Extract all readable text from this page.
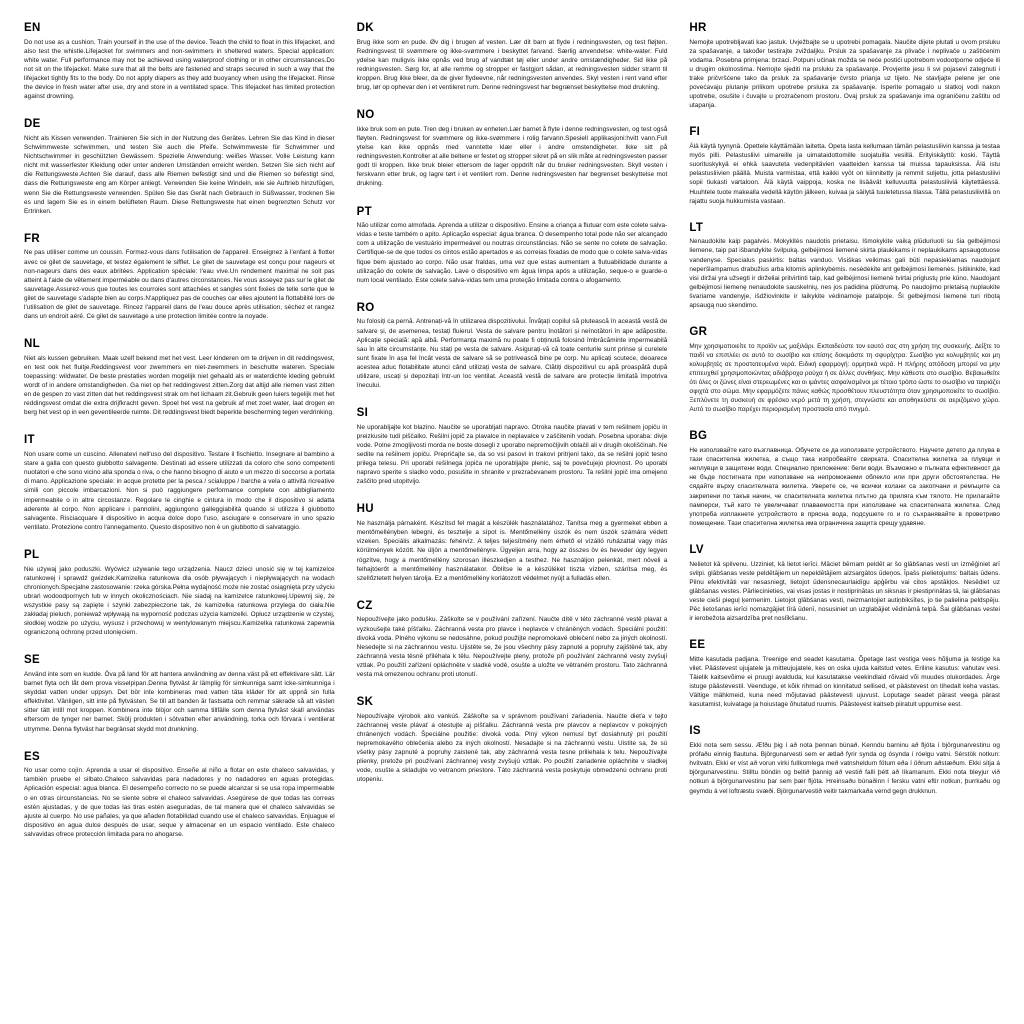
EN

Do not use as a cushion. Train yourself in the use of the device. Teach the child to float in this lifejacket, and also test the whistle.Lifejacket for swimmers and non-swimmers in sheltered waters. Special application: white water. Full performance may not be achieved using waterproof clothing or in other circumstances.Do not sit on the lifejacket. Make sure that all the belts are fastened and straps secured in such a way that the lifejacket tightly fits to the body. Do not apply diapers as they add buoyancy when using the lifejacket. Rinse the device in fresh water after use, dry and store in a ventilated space. This lifejacket has limited protection against drowning.

DE

Nicht als Kissen verwenden. Trainieren Sie sich in der Nutzung des Gerätes. Lehren Sie das Kind in dieser Schwimmweste schwimmen, und testen Sie auch die Pfeife. Schwimmweste für Schwimmer und Nichtschwimmer in geschützten Gewässern. Spezielle Anwendung: weißes Wasser. Volle Leistung kann nicht mit wasserfester Kleidung oder unter anderen Umständen erreicht werden. Setzen Sie sich nicht auf die Rettungsweste.Achten Sie darauf, dass alle Riemen befestigt sind und die Riemen so befestigt sind, dass die Rettungsweste eng am Körper anliegt. Verwenden Sie keine Windeln, wie sie Auftrieb hinzufügen, wenn Sie die Rettungsweste verwenden. Spülen Sie das Gerät nach Gebrauch in Süßwasser, trocknen Sie es und lagern Sie es in einem belüfteten Raum. Diese Rettungsweste hat einen begrenzten Schutz vor Ertrinken.

FR

Ne pas utiliser comme un coussin. Formez-vous dans l'utilisation de l'appareil. Enseignez à l'enfant à flotter avec ce gilet de sauvetage, et testez également le sifflet. Le gilet de sauvetage est conçu pour nageurs et non-nageurs dans des eaux abritées. Application spéciale: l'eau vive.Un rendement maximal ne soit pas atteint à l'aide de vêtement imperméable ou dans d'autres circonstances. Ne vous asseyez pas sur le gilet de sauvetage.Assurez-vous que toutes les courroies sont attachées et sangles sont fixées de telle sorte que le gilet de sauvetage s'adapte bien au corps.N'appliquez pas de couches car elles ajoutent la flottabilité lors de l'utilisation de gilet de sauvetage. Rincez l'appareil dans de l'eau douce après utilisation, séchez et rangez dans un endroit aéré. Ce gilet de sauvetage a une protection limitée contre la noyade.

NL

Niet als kussen gebruiken. Maak uzelf bekend met het vest. Leer kinderen om te drijven in dit reddingsvest, en test ook het fluitje.Reddingsvest voor zwemmers en niet-zwemmers in beschutte wateren. Speciale toepassing: wildwater. De beste prestaties worden mogelijk niet gehaald als er waterdichte kleding gebruikt wordt of in andere omstandigheden. Ga niet op het reddingsvest zitten.Zorg dat altijd alle riemen vast zitten en de gespen zo vast zitten dat het reddingsvest strak om het lichaam zit.Gebruik geen luiers tegelijk met het reddingsvest omdat die extra drijfkracht geven. Spoel het vest na gebruik af met zoet water, laat drogen en berg het vest op in een geventileerde ruimte. Dit reddingsvest biedt beperkte bescherming tegen verdrinking.

IT

Non usare come un cuscino. Allenatevi nell'uso del dispositivo. Testare il fischietto. Insegnare al bambino a stare a galla con questo giubbotto salvagente. Destinati ad essere utilizzati da coloro che sono competenti nuotatori e che sono vicino alla sponda o riva, o che hanno bisogno di aiuto e un mezzo di soccorso a portata di mano. Applicazione speciale: in acque protette per la pesca / scialuppe / barche a vela o attività ricreative simili con piccole imbarcazioni. Non si può raggiungere performance complete con abbigliamento impermeabile o in altre circostanze. Regolare le cinghie e cintura in modo che il dispositivo si adatta aderente al corpo. Non applicare i pannolini, aggiungono galleggiabilità quando si utilizza il giubbotto salvagente. Risciacquare il dispositivo in acqua dolce dopo l'uso, asciugare e conservare in uno spazio ventilato. Protezione contro l'annegamento. Questo dispositivo non è un giubbotto di salvataggio.

PL

Nie używaj jako poduszki. Wyćwicz używanie tego urządzenia. Naucz dzieci unosić się w tej kamizelce ratunkowej i sprawdź gwizdek.Kamizelka ratunkowa dla osób pływających i niepływających na wodach chronionych.Specjalne zastosowanie: rzeka górska.Pełna wydajność może nie zostać osiągnięta przy użyciu ubrań wodoodpornych lub w innych okolicznościach. Nie siadaj na kamizelce ratunkowej.Upewnij się, że wszystkie pasy są zapięte i szynki zabezpieczone tak, że kamizelka ratunkowa przylega do ciała.Nie zakładaj pieluch, ponieważ wpływają na wyporność podczas użycia kamizelki. Opłucz urządzenie w czystej, słodkiej wodzie po użyciu, wysusz i przechowuj w wentylowanym miejscu.Kamizelka ratunkowa zapewnia ograniczoną ochronę przed utonięciem.

SE

Använd inte som en kudde. Öva på land för att hantera användning av denna väst på ett effektivare sätt. Lär barnet flyta och låt dem prova visselpipan.Denna flytväst är lämplig för simkunniga samt icke-simkunniga i skyddat vatten under uppsyn. Det bör inte kombineras med vatten täta kläder för att uppnå sin fulla effektivitet. Vänligen, sitt inte på flytvästen. Se till att banden är fastsatta och remmar säkrade så att västen sitter tätt intill mot kroppen. Kombinera inte blöjor och samma tillfälle som denna flytväst skall användas eftersom de tynger ner barnet. Skölj produkten i sötvatten efter användning, torka och förvara i ventilerat utrymme. Denna flytväst har begränsat skydd mot drunkning.

ES

No usar como cojín. Aprenda a usar el dispositivo. Enseñe al niño a flotar en este chaleco salvavidas, y también pruebe el silbato.Chaleco salvavidas para nadadores y no nadadores en aguas protegidas. Aplicación especial: agua blanca. El desempeño correcto no se puede alcanzar si se usa ropa impermeable o en otras circunstancias. No se siente sobre el chaleco salvavidas. Asegúrese de que todas las correas estén ajustadas, y de que todas las tiras estén aseguradas, de tal manera que el chaleco salvavidas se ajuste al cuerpo. No use pañales, ya que añaden flotabilidad cuando use el chaleco salvavidas. Enjuague el dispositivo en agua dulce después de usar, seque y almacenar en un espacio ventilado. Este chaleco salvavidas ofrece protección limitada para no ahogarse.

DK

Brug ikke som en pude. Øv dig i brugen af vesten. Lær dit barn at flyde i redningsvesten, og test fløjten. Redningsvest til svømmere og ikke-svømmere i beskyttet farvand. Særlig anvendelse: white-water. Fuld ydelse kan muligvis ikke opnås ved brug af vandtæt tøj eller under andre omstændigheder. Sid ikke på redningsvesten. Sørg for, at alle remme og stropper er fastgjort sådan, at redningsvesten sidder stramt til kroppen. Brug ikke bleer, da de giver flydeevne, når redningsvesten anvendes. Skyl vesten i rent vand efter brug, lør op ophevar den i et ventileret rum. Denne redningsvest har begrænset beskyttelse mod drukning.

NO

Ikke bruk som en pute. Tren deg i bruken av enheten.Lær barnet å flyte i denne redningsvesten, og test også fløyten. Redningsvest for svømmere og ikke-svømmere i rolig farvann.Spesiell applikasjoni:hvitt vann.Full ytelse kan ikke oppnås med vanntette klær eller i andre omstendigheter. Ikke sitt på redningsvesten.Kontroller at alle beltene er festet og stropper sikret på en slik måte at redningsvesten passer godt til kroppen. Ikke bruk bleier ettersom de lager oppdrift når du bruker redningsvesten. Skyll vesten i ferskvann etter bruk, og lagre tørt i et ventilert rom. Denne redningsvesten har begrenset beskyttelse mot drukning.

PT

Não utilizar como almofada. Aprenda a utilizar o dispositivo. Ensine a criança a flutuar com este colete salva-vidas e teste também o apito. Aplicação especial: água branca. O desempenho total pode não ser alcançado com a utilização de vestuário impermeável ou noutras circunstâncias. Não se sente no colete de salvação. Certifique-se de que todos os cintos estão apertados e as correias fixadas de modo que o colete salva-vidas fique bem ajustado ao corpo. Não usar fraldas, uma vez que estas aumentam a flutuabilidade durante a utilização do colete de salvação. Lave o dispositivo em água limpa após a utilização, seque-o e guarde-o num local ventilado. Este colete salva-vidas tem uma proteção limitada contra o afogamento.

RO

Nu folosiți ca pernă. Antrenați-vă în utilizarea dispozitivului. Învățați copilul să plutească în această vestă de salvare și, de asemenea, testați fluierul. Vesta de salvare pentru înotători și neînotători în ape adăpostite. Aplicație specială: apă albă. Performanța maximă nu poate fi obținută folosind îmbrăcăminte impermeabilă sau în alte circumstanțe. Nu stați pe vesta de salvare. Asigurați-vă că toate centurile sunt prinse și curelele sunt fixate în așa fel încât vesta de salvare să se potrivească bine pe corp. Nu aplicați scutece, deoarece acestea aduc flotabilitate atunci când utilizați vesta de salvare. Clătiți dispozitivul cu apă proaspătă după utilizare, uscați și depozitați într-un loc ventilat. Această vestă de salvare are protecție limitată împotriva înecului.

SI

Ne uporabljajte kot blazino. Naučite se uporabljati napravo. Otroka naučite plavati v tem rešilnem jopiču in preizkusite tudi piščalko. Rešilni jopič za plavalce in neplavalce v zaščitenih vodah. Posebna uporaba: divje vode. Polne zmogljivosti morda ne boste dosegli z uporabo nepremočljivih oblačil ali v drugih okoliščinah. Ne sedite na rešilnem jopiču. Prepričajte se, da so vsi pasovi in trakovi pritrjeni tako, da se rešilni jopič tesno prilega telesu. Pri uporabi rešilnega jopiča ne uporabljajte plenic, saj te povečujejo plovnost. Po uporabi napravo sperite s sladko vodo, posušite in shranite v prezračevanem prostoru. Ta rešilni jopič ima omejeno zaščito pred utopitvijo.

HU

Ne használja párnaként. Készítsd fel magát a készülék használatához. Tanítsa meg a gyermeket ebben a mentőmellényben lebegni, és tesztelje a sípot is. Mentőmellény úszók és nem úszók számára védett vizeken. Speciális alkalmazás: fehérvíz. A teljes teljesítmény nem érhető el vízálló ruházattal vagy más körülmények között. Ne üljön a mentőmellényre. Ügyeljen arra, hogy az összes öv és heveder úgy legyen rögzítve, hogy a mentőmellény szorosan illeszkedjen a testhez. Ne használjon pelenkát, mert növeli a felhajtóerőt a mentőmellény használatakor. Öblítse le a készüléket tiszta vízben, szárítsa meg, és szellőztetett helyen tárolja. Ez a mentőmellény korlátozott védelmet nyújt a fulladás ellen.

CZ

Nepoužívejte jako podušku. Záškolte se v používání zařízení. Naučte dítě v této záchranné vestě plavat a vyzkoušejte také píšťalku. Záchranná vesta pro plavce i neplavce v chráněných vodách. Speciální použití: divoká voda. Plného výkonu se nedosáhne, pokud použijte nepromokavé oblečení nebo za jiných okolností. Nesedejte si na záchrannou vestu. Ujistěte se, že jsou všechny pásy zapnuté a popruhy zajištěné tak, aby záchranná vesta těsně přiléhala k tělu. Nepoužívejte pleny, protože při používání záchranné vesty zvyšují vztlak. Po použití zařízení opláchněte v sladké vodě, osušte a uložte ve větraném prostoru. Tato záchranná vesta má omezenou ochranu proti utonutí.

SK

Nepoužívajte výrobok ako vankúš. Záškoľte sa v správnom používaní zariadenia. Naučte dieťa v tejto záchrannej veste plávať a otestujte aj píšťalku. Záchranná vesta pre plavcov a neplavcov v pokojných chránených vodách. Špeciálne použitie: divoká voda. Plný výkon nemusí byť dosiahnutý pri použití nepremokavého oblečenia alebo za iných okolností. Nesadajte si na záchrannú vestu. Uistite sa, že sú všetky pásy zapnuté a popruhy zaistené tak, aby záchranná vesta tesne priliehala k telu. Nepoužívajte plienky, pretože pri používaní záchrannej vesty zvyšujú vztlak. Po použití zariadenie opláchnite v sladkej vode, osušte a skladujte vo vetranom priestore. Táto záchranná vesta poskytuje obmedzenú ochranu proti utopeniu.

HR

Nemojte upotrebljavati kao jastuk. Uvježbajte se u upotrebi pomagala. Naučite dijete plutati u ovom prsluku za spašavanje, a također testirajte zviždaljku. Prsluk za spašavanje za plivače i neplivače u zaštićenim vodama. Posebna primjena: brzaci. Potpuni učinak možda se neće postići upotrebom vodootporne odjeće ili u drugim okolnostima. Nemojte sjediti na prsluku za spašavanje. Provjerite jesu li svi pojasevi zategnuti i trake pričvršćene tako da prsluk za spašavanje čvrsto prianja uz tijelo. Ne stavljajte pelene jer one povećavaju plutanje prilikom upotrebe prsluka za spašavanje. Isperite pomagalo u slatkoj vodi nakon upotrebe, osušite i čuvajte u prozračenom prostoru. Ovaj prsluk za spašavanje ima ograničenu zaštitu od utapanja.

FI

Älä käytä tyynynä. Opettele käyttämään laitetta. Opeta lasta kellumaan tämän pelastusliivin kanssa ja testaa myös pilli. Pelastusliivi uimareille ja uimataidottomille suojatuilla vesillä. Erityiskäyttö: koski. Täyttä suorituskykyä ei ehkä saavuteta vedenpitävien vaatteiden kanssa tai muissa tapauksissa. Älä istu pelastusliivien päällä. Muista varmistaa, että kaikki vyöt on kiinnitetty ja remmit suljettu, jotta pelastusliivi sopii tiukasti vartaloon. Älä käytä vaippoja, koska ne lisäävät kelluvuutta pelastusliiviä käytettäessä. Huuhtele tuote makealla vedellä käytön jälkeen, kuivaa ja säilytä tuuletetussa tilassa. Tällä pelastusliivillä on rajattu suoja hukkumista vastaan.

LT

Nenaudokite kaip pagalvės. Mokykitės naudotis prietaisu. Išmokykite vaiką plūduriuoti su šia gelbėjimosi liemene, taip pat išbandykite švilpuką. gelbėjimosi liemenė skirta plaukikams ir neplaukikams apsaugotuose vandenyse. Specialus paskirtis: baltas vanduo. Visiškas veikimas gali būti nepasiekiamas naudojant neperšlampamus drabužius arba kitomis aplinkybėmis. nesėdėkite ant gelbėjimosi liemenės. Įsitikinkite, kad visi diržai yra užsegti ir dirželiai pritvirtinti taip, kad gelbėjimosi liemenė tvirtai priglustų prie kūno. Naudojant gelbėjimosi liemenę nenaudokite sauskelnių, nes jos padidina plūdrumą. Po naudojimo prietaisą nuplaukite švariame vandenyje, išdžiovinkite ir laikykite vėdinamoje patalpoje. Ši gelbėjimosi liemenė turi ribotą apsaugą nuo skendimo.

GR

Μην χρησιμοποιείτε το προϊόν ως μαξιλάρι. Εκπαιδεύστε τον εαυτό σας στη χρήση της συσκευής. Δείξτε το παιδί να επιπλέει σε αυτό το σωσίβιο και επίσης δοκιμάστε τη σφυρίχτρα. Σωσίβιο για κολυμβητές και μη κολυμβητές σε προστατευμένα νερά. Ειδική εφαρμογή: ορμητικά νερά. Η πλήρης απόδοση μπορεί να μην επιτευχθεί χρησιμοποιώντας αδιάβροχα ρούχα ή σε άλλες συνθήκες. Μην κάθεστε στο σωσίβιο. Βεβαιωθείτε ότι όλες οι ζώνες είναι στερεωμένες και οι ιμάντες ασφαλισμένοι με τέτοιο τρόπο ώστε το σωσίβιο να ταιριάζει σφιχτά στο σώμα. Μην εφαρμόζετε πάνες καθώς προσθέτουν πλευστότητα όταν χρησιμοποιείτε το σωσίβιο. Ξεπλύνετε τη συσκευή σε φρέσκο νερό μετά τη χρήση, στεγνώστε και αποθηκεύστε σε αεριζόμενο χώρο. Αυτό το σωσίβιο παρέχει περιορισμένη προστασία από πνιγμό.

BG

Не използвайте като възглавница. Обучете се да използвате устройството. Научете детето да плува в тази спасителна жилетка, а също така изпробвайте свирката. Спасителна жилетка за плувци и неплувци в защитени води. Специално приложение: бели води. Възможно е пълната ефективност да не бъде постигната при използване на непромокаеми облекло или при други обстоятелства. Не сядайте върху спасителната жилетка. Уверете се, че всички колани са закопчани и ремъците са закрепени по такъв начин, че спасителната жилетка плътно да приляга към тялото. Не прилагайте памперси, тъй като те увеличават плаваемостта при използване на спасителната жилетка. След употреба изплакнете устройството в прясна вода, подсушете го и го съхранявайте в проветриво помещение. Тази спасителна жилетка има ограничена защита срещу удавяне.

LV

Nelietot kā spilvenu. Uzziniet, kā lietot ierīci. Māciet bērnam peldēt ar šo glābšanas vesti un izmēģiniet arī svilpi. glābšanas veste peldētājiem un nepeldētājiem aizsargātos ūdeņos. Īpašs pielietojums: baltais ūdens. Pilnu efektivitāti var nesasniegt, lietojot ūdensnecaurlaidīgu apģērbu vai citos apstākļos. Nesēdiet uz glābšanas vestes. Pārliecinieties, vai visas jostas ir nostiprinātas un siksnas ir piestiprinātas tā, lai glābšanas veste cieši pieguļ ķermenim. Lietojot glābšanas vesti, neizmantojiet autiņbiksītes, jo tie palielina peldspēju. Pēc lietošanas ierīci nomazgājiet tīrā ūdenī, nosusiniet un uzglabājiet vēdināmā telpā. Šai glābšanas vestei ir ierobežota aizsardzība pret noslīkšanu.

EE

Mitte kasutada padjana. Treenige end seadet kasutama. Õpetage last vestiga vees hõljuma ja testige ka vilet. Päästevest ujujatele ja mitteujujatele, kes on oska ujuda kaitstud vetes. Eriline kasutus: vahutav vesi. Täielik kaitsevõime ei pruugi avalduda, kui kasutatakse veekindlaid rõivaid või muudes olukordades. Ärge istuge päästevestil. Veenduge, et kõik rihmad on kinnitatud sellised, et päästevest on tihedalt keha vastas. Vältige mähkmeid, kuna need mõjutavad päästevesti ujuvust. Loputage seadet pärast veega pärast kasutamist, kuivatage ja hoiustage õhutatud ruumis. Päästevest kaitseb piiratult uppumise eest.

IS

Ekki nota sem sessu. Æfðu þig í að nota þennan búnað. Kenndu barninu að fljóta í björgunarvestinu og prófaðu einnig flautuna. Björgunarvesti sem er ætlað fyrir synda og ósynda í róelgu vatni. Sérstök notkun: hvítvatn. Ekki er víst að vorun virki fullkomlega með vatnsheldum fötum eða í öðrum aðstæðum. Ekki sitja á björgunarvestinu. Stilltu böndin og beltið þannig að vestið falli þétt að líkamanum. Ekki nota bleyjur við notkun á björgunarvestinu þar sem þær fljóta. Hreinsaðu búnaðinn í fersku vatni eftir notkun, þurrkaðu og geymdu á vel loftræstu svæði. Björgunarvestið veitir takmarkaða vernd gegn drukknun.
